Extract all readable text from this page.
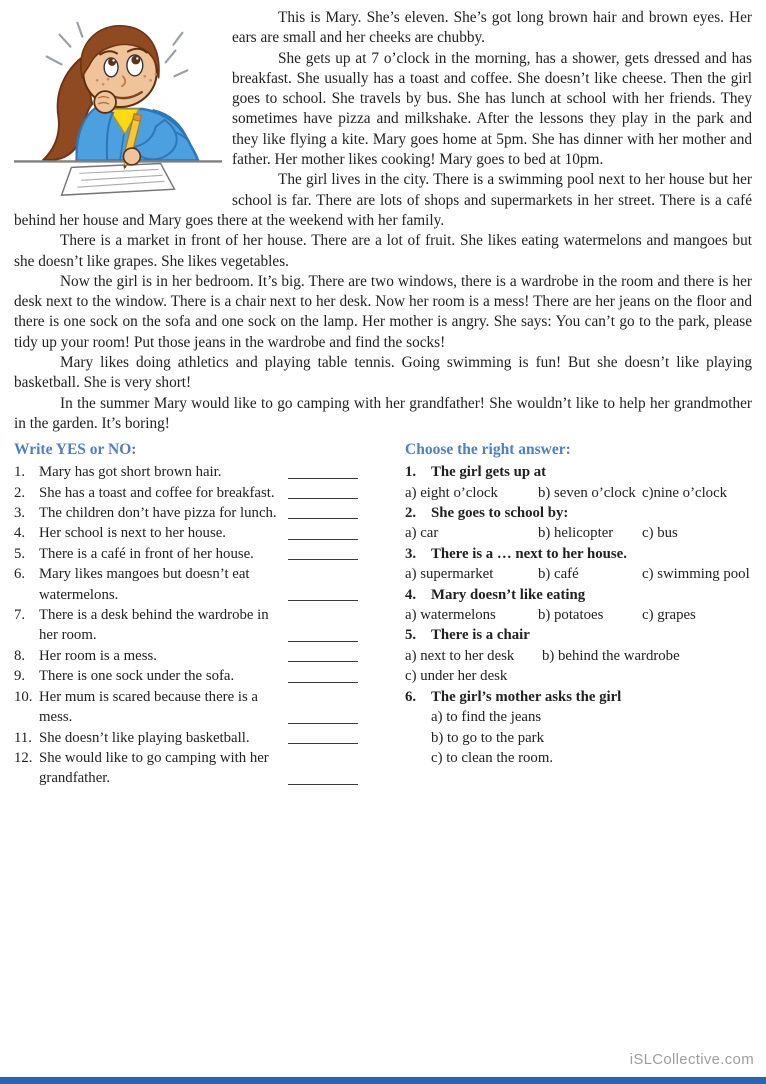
This is Mary. She’s eleven. She’s got long brown hair and brown eyes. Her ears are small and her cheeks are chubby.

She gets up at 7 o’clock in the morning, has a shower, gets dressed and has breakfast. She usually has a toast and coffee. She doesn’t like cheese. Then the girl goes to school. She travels by bus. She has lunch at school with her friends. They sometimes have pizza and milkshake. After the lessons they play in the park and they like flying a kite. Mary goes home at 5pm. She has dinner with her mother and father. Her mother likes cooking! Mary goes to bed at 10pm.

The girl lives in the city. There is a swimming pool next to her house but her school is far. There are lots of shops and supermarkets in her street. There is a café behind her house and Mary goes there at the weekend with her family.

There is a market in front of her house. There are a lot of fruit. She likes eating watermelons and mangoes but she doesn’t like grapes. She likes vegetables.

Now the girl is in her bedroom. It’s big. There are two windows, there is a wardrobe in the room and there is her desk next to the window. There is a chair next to her desk. Now her room is a mess! There are her jeans on the floor and there is one sock on the sofa and one sock on the lamp. Her mother is angry. She says: You can’t go to the park, please tidy up your room! Put those jeans in the wardrobe and find the socks!

Mary likes doing athletics and playing table tennis. Going swimming is fun! But she doesn’t like playing basketball. She is very short!

In the summer Mary would like to go camping with her grandfather! She wouldn’t like to help her grandmother in the garden. It’s boring!

Write YES or NO:
1. Mary has got short brown hair.
2. She has a toast and coffee for breakfast.
3. The children don’t have pizza for lunch.
4. Her school is next to her house.
5. There is a café in front of her house.
6. Mary likes mangoes but doesn’t eat watermelons.
7. There is a desk behind the wardrobe in her room.
8. Her room is a mess.
9. There is one sock under the sofa.
10. Her mum is scared because there is a mess.
11. She doesn’t like playing basketball.
12. She would like to go camping with her grandfather.
Choose the right answer:
1. The girl gets up at
a) eight o’clock	b) seven o’clock c)nine o’clock
2. She goes to school by:
a) car	b) helicopter	c) bus
3. There is a … next to her house.
a) supermarket	b) café	c) swimming pool
4. Mary doesn’t like eating
a) watermelons	b) potatoes	c) grapes
5. There is a chair
a) next to her desk b) behind the wardrobe
c) under her desk
6. The girl’s mother asks the girl
a) to find the jeans
b) to go to the park
c) to clean the room.
iSLCollective.com
